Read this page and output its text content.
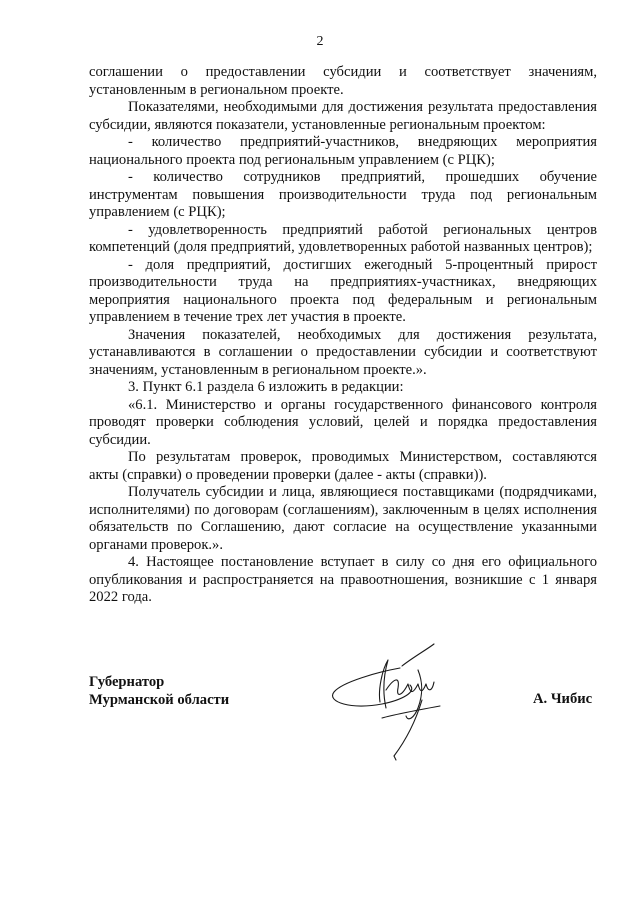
2

соглашении о предоставлении субсидии и соответствует значениям, установленным в региональном проекте.

Показателями, необходимыми для достижения результата предоставления субсидии, являются показатели, установленные региональным проектом:

- количество предприятий-участников, внедряющих мероприятия национального проекта под региональным управлением (с РЦК);

- количество сотрудников предприятий, прошедших обучение инструментам повышения производительности труда под региональным управлением (с РЦК);

- удовлетворенность предприятий работой региональных центров компетенций (доля предприятий, удовлетворенных работой названных центров);

- доля предприятий, достигших ежегодный 5-процентный прирост производительности труда на предприятиях-участниках, внедряющих мероприятия национального проекта под федеральным и региональным управлением в течение трех лет участия в проекте.

Значения показателей, необходимых для достижения результата, устанавливаются в соглашении о предоставлении субсидии и соответствуют значениям, установленным в региональном проекте.».

3. Пункт 6.1 раздела 6 изложить в редакции:

«6.1. Министерство и органы государственного финансового контроля проводят проверки соблюдения условий, целей и порядка предоставления субсидии.

По результатам проверок, проводимых Министерством, составляются акты (справки) о проведении проверки (далее - акты (справки)).

Получатель субсидии и лица, являющиеся поставщиками (подрядчиками, исполнителями) по договорам (соглашениям), заключенным в целях исполнения обязательств по Соглашению, дают согласие на осуществление указанными органами проверок.».

4. Настоящее постановление вступает в силу со дня его официального опубликования и распространяется на правоотношения, возникшие с 1 января 2022 года.

Губернатор
Мурманской области	А. Чибис
